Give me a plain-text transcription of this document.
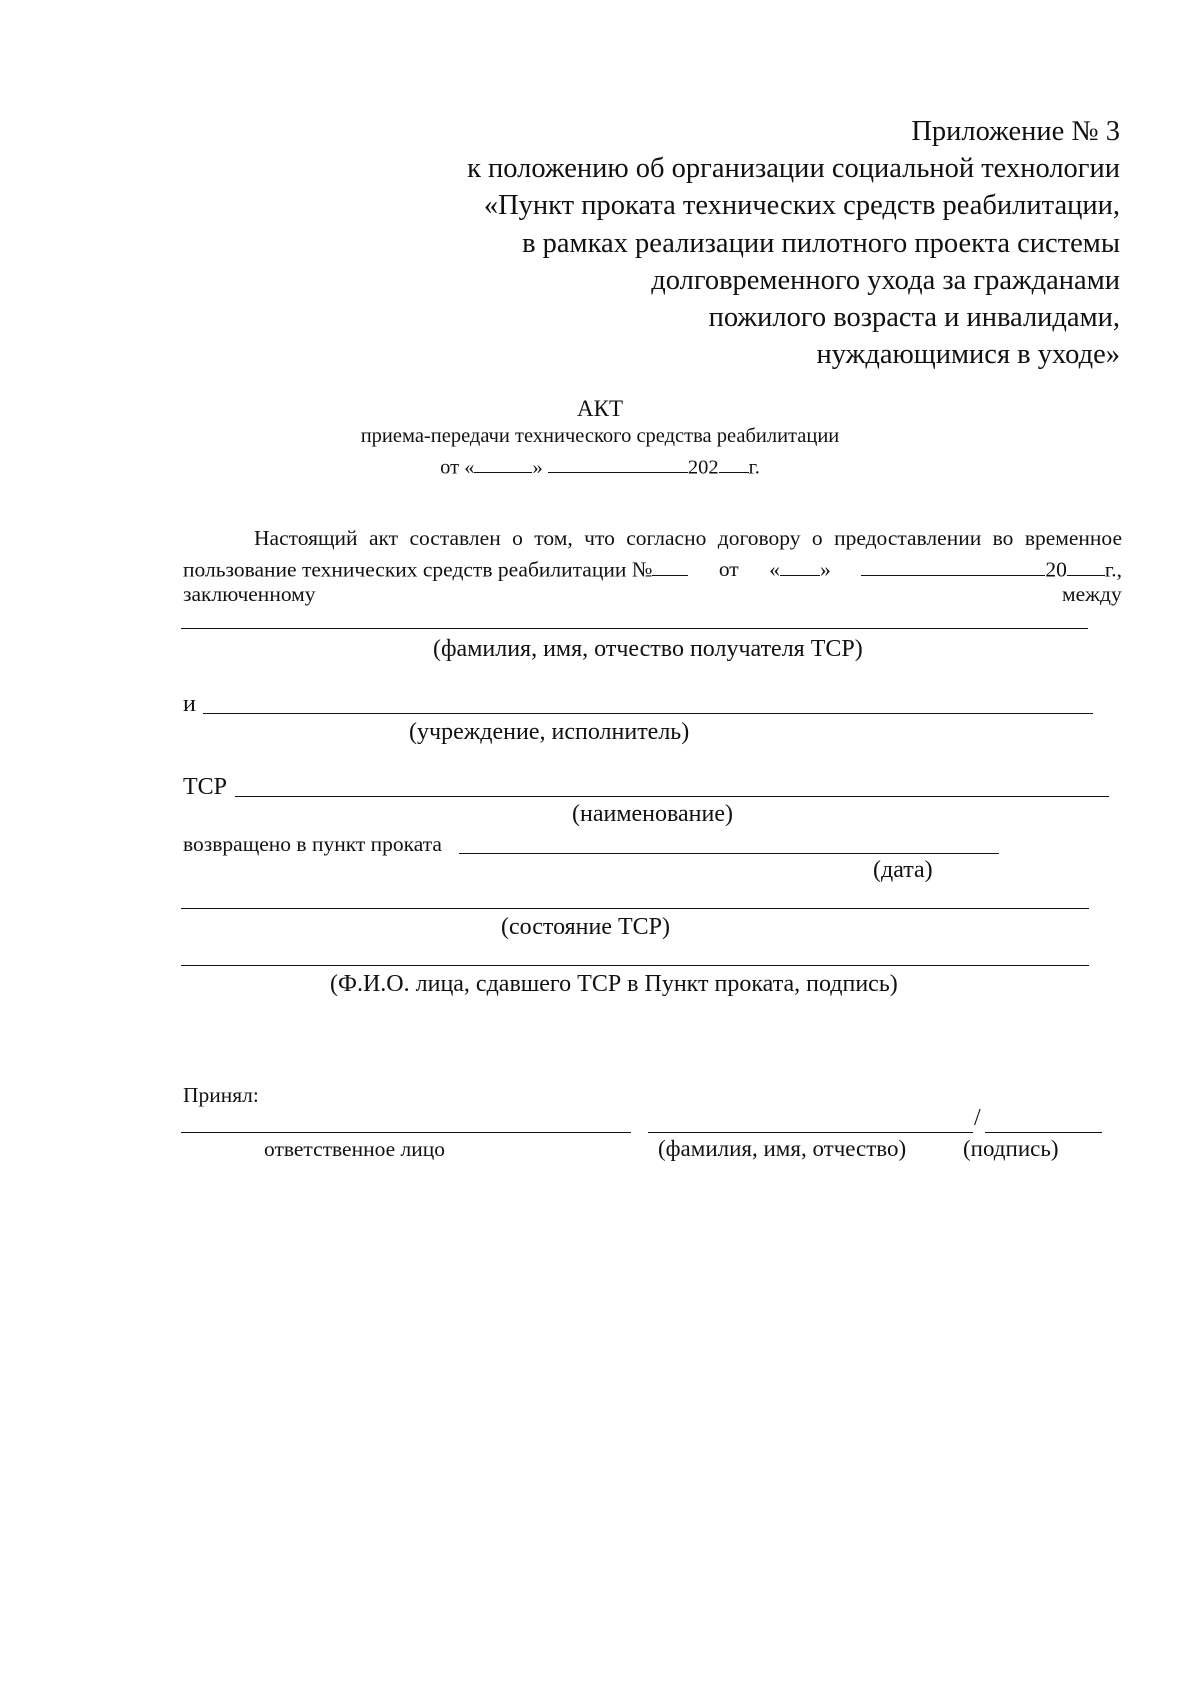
Приложение № 3
к положению об организации социальной технологии
«Пункт проката технических средств реабилитации,
в рамках реализации пилотного проекта системы
долговременного ухода за гражданами
пожилого возраста и инвалидами,
нуждающимися в уходе»
АКТ
приема-передачи технического средства реабилитации
от «	»	202 г.
Настоящий акт составлен о том, что согласно договору о предоставлении во временное
пользование технических средств реабилитации №	от « »	20 г.,
заключенному	между
(фамилия, имя, отчество получателя ТСР)
и
(учреждение, исполнитель)
ТСР
(наименование)
возвращено в пункт проката
(дата)
(состояние ТСР)
(Ф.И.О. лица, сдавшего ТСР в Пункт проката, подпись)
Принял:
/
ответственное лицо	(фамилия, имя, отчество) (подпись)
